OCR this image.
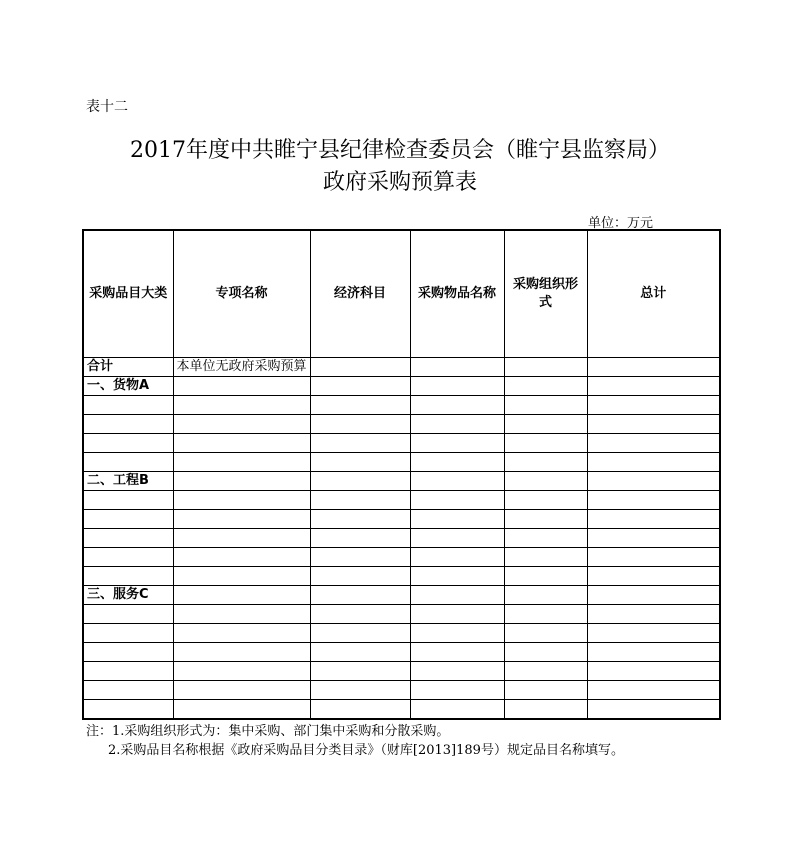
表十二
2017年度中共睢宁县纪律检查委员会（睢宁县监察局）
政府采购预算表
单位：万元
采购品目大类	专项名称	经济科目	采购物品名称	采购组织形式	总计
合计	本单位无政府采购预算				
一、货物A					

二、工程B					

三、服务C					

注：1.采购组织形式为：集中采购、部门集中采购和分散采购。
2.采购品目名称根据《政府采购品目分类目录》（财库[2013]189号）规定品目名称填写。
